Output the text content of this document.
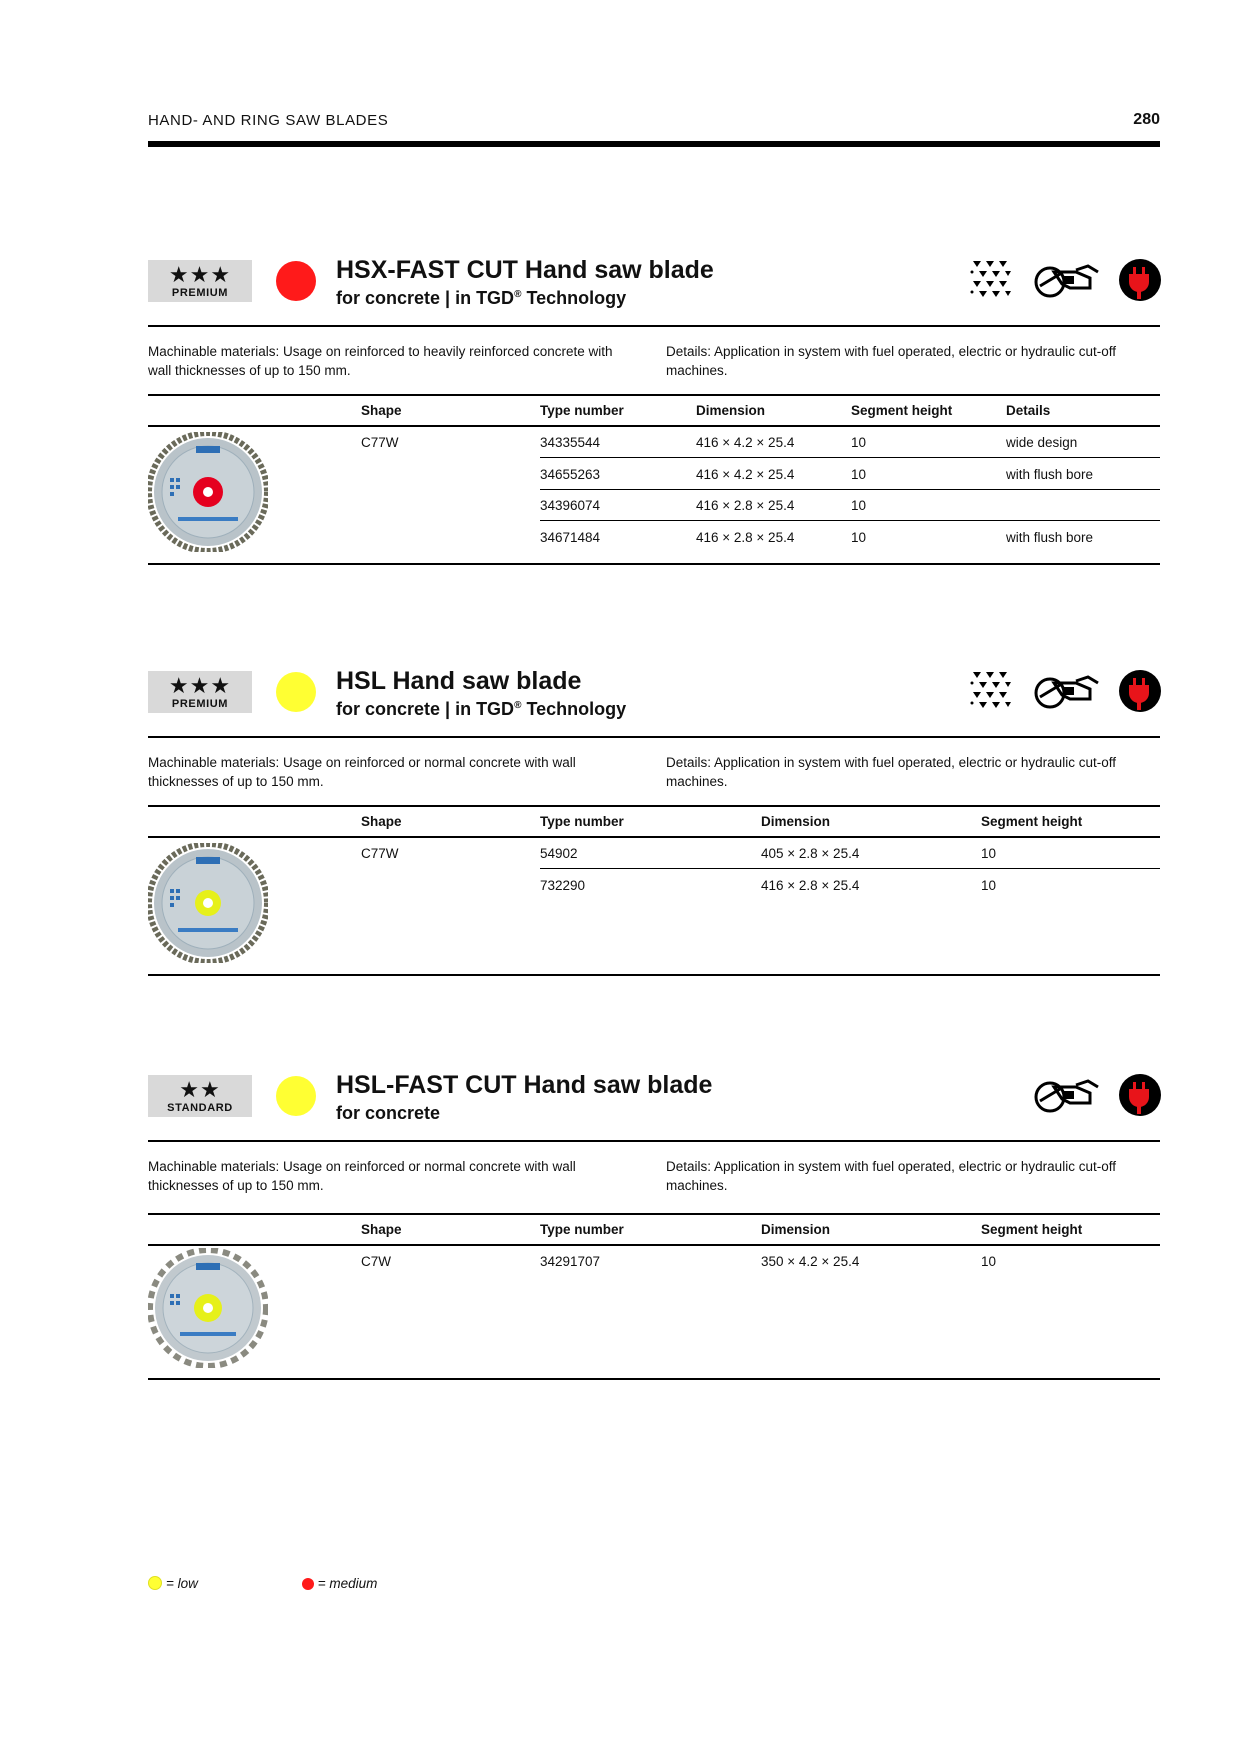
HAND- AND RING SAW BLADES	280
★★★
PREMIUM
HSX-FAST CUT Hand saw blade
for concrete | in TGD® Technology
Machinable materials: Usage on reinforced to heavily reinforced concrete with wall thicknesses of up to 150 mm.
Details: Application in system with fuel operated, electric or hydraulic cut-off machines.
Shape	Type number	Dimension	Segment height	Details
C77W	34335544	416 × 4.2 × 25.4	10	wide design
34655263	416 × 4.2 × 25.4	10	with flush bore
34396074	416 × 2.8 × 25.4	10
34671484	416 × 2.8 × 25.4	10	with flush bore
★★★
PREMIUM
HSL Hand saw blade
for concrete | in TGD® Technology
Machinable materials: Usage on reinforced or normal concrete with wall thicknesses of up to 150 mm.
Details: Application in system with fuel operated, electric or hydraulic cut-off machines.
Shape	Type number	Dimension	Segment height
C77W	54902	405 × 2.8 × 25.4	10
732290	416 × 2.8 × 25.4	10
★★
STANDARD
HSL-FAST CUT Hand saw blade
for concrete
Machinable materials: Usage on reinforced or normal concrete with wall thicknesses of up to 150 mm.
Details: Application in system with fuel operated, electric or hydraulic cut-off machines.
Shape	Type number	Dimension	Segment height
C7W	34291707	350 × 4.2 × 25.4	10
= low	= medium
